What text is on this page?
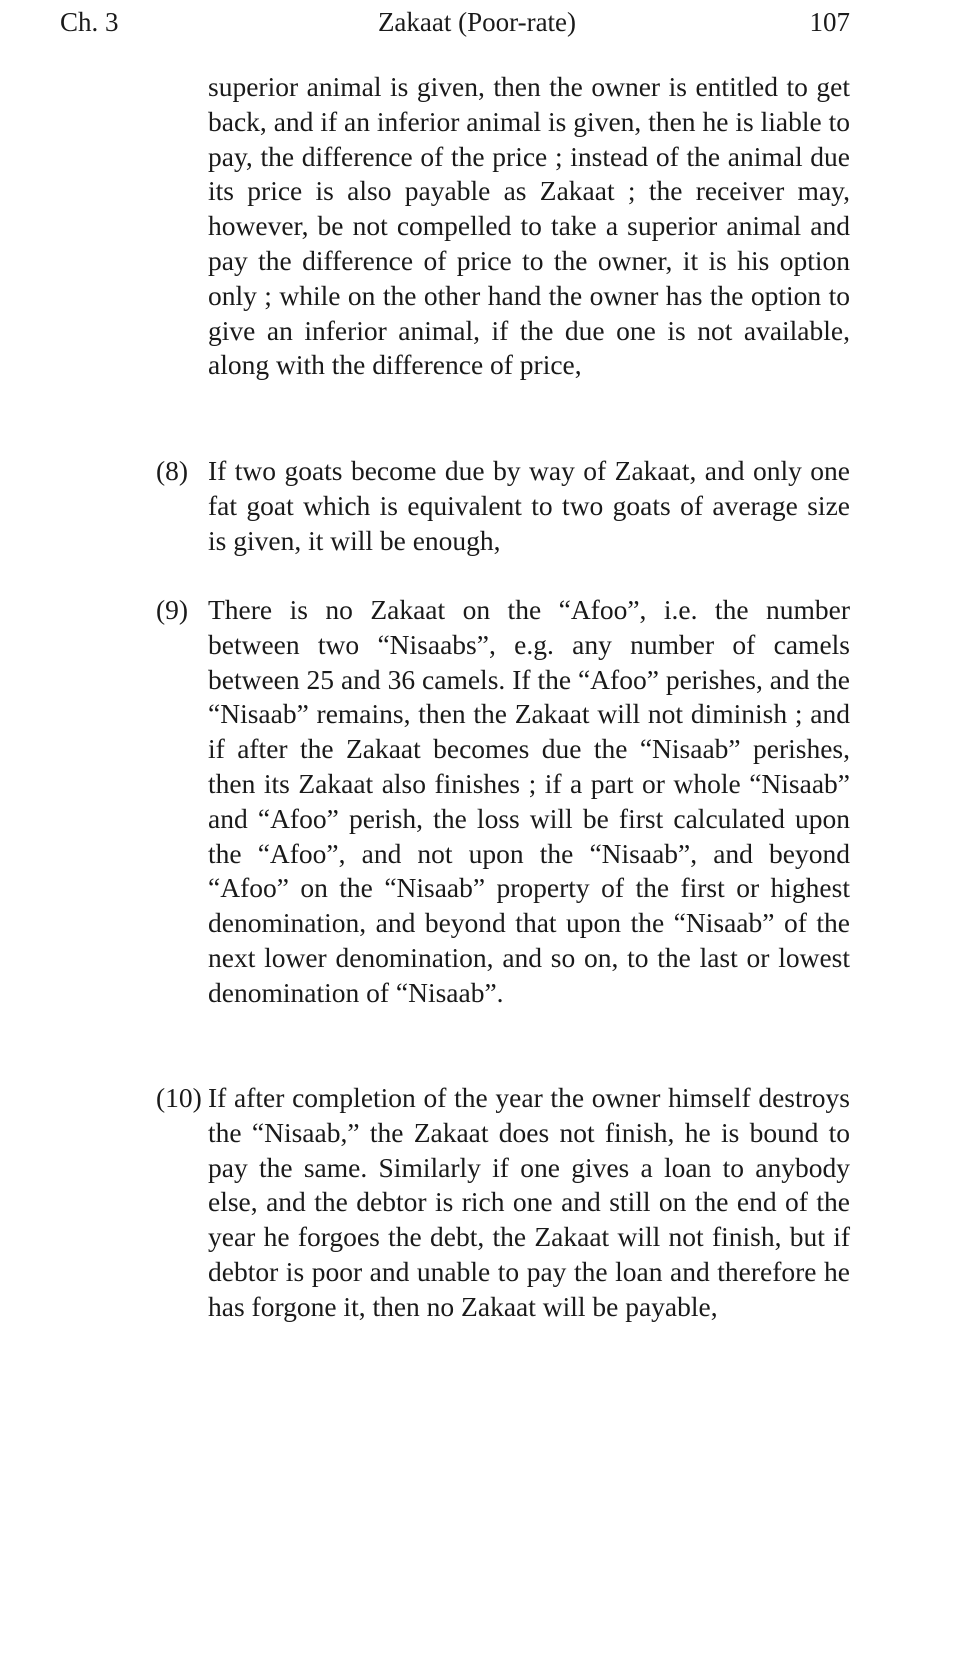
Ch. 3	Zakaat (Poor-rate)	107
superior animal is given, then the owner is entitled to get back, and if an inferior animal is given, then he is liable to pay, the difference of the price ; instead of the animal due its price is also payable as Zakaat ; the receiver may, however, be not compelled to take a superior animal and pay the difference of price to the owner, it is his option only ; while on the other hand the owner has the option to give an inferior animal, if the due one is not available, along with the difference of price,
(8) If two goats become due by way of Zakaat, and only one fat goat which is equivalent to two goats of average size is given, it will be enough,
(9) There is no Zakaat on the “Afoo”, i.e. the number between two “Nisaabs”, e.g. any number of camels between 25 and 36 camels. If the “Afoo” perishes, and the “Nisaab” remains, then the Zakaat will not diminish ; and if after the Zakaat becomes due the “Nisaab” perishes, then its Zakaat also finishes ; if a part or whole “Nisaab” and “Afoo” perish, the loss will be first calculated upon the “Afoo”, and not upon the “Nisaab”, and beyond “Afoo” on the “Nisaab” property of the first or highest denomination, and beyond that upon the “Nisaab” of the next lower denomination, and so on, to the last or lowest denomination of “Nisaab”.
(10) If after completion of the year the owner himself destroys the “Nisaab,” the Zakaat does not finish, he is bound to pay the same. Similarly if one gives a loan to anybody else, and the debtor is rich one and still on the end of the year he forgoes the debt, the Zakaat will not finish, but if debtor is poor and unable to pay the loan and therefore he has forgone it, then no Zakaat will be payable,
